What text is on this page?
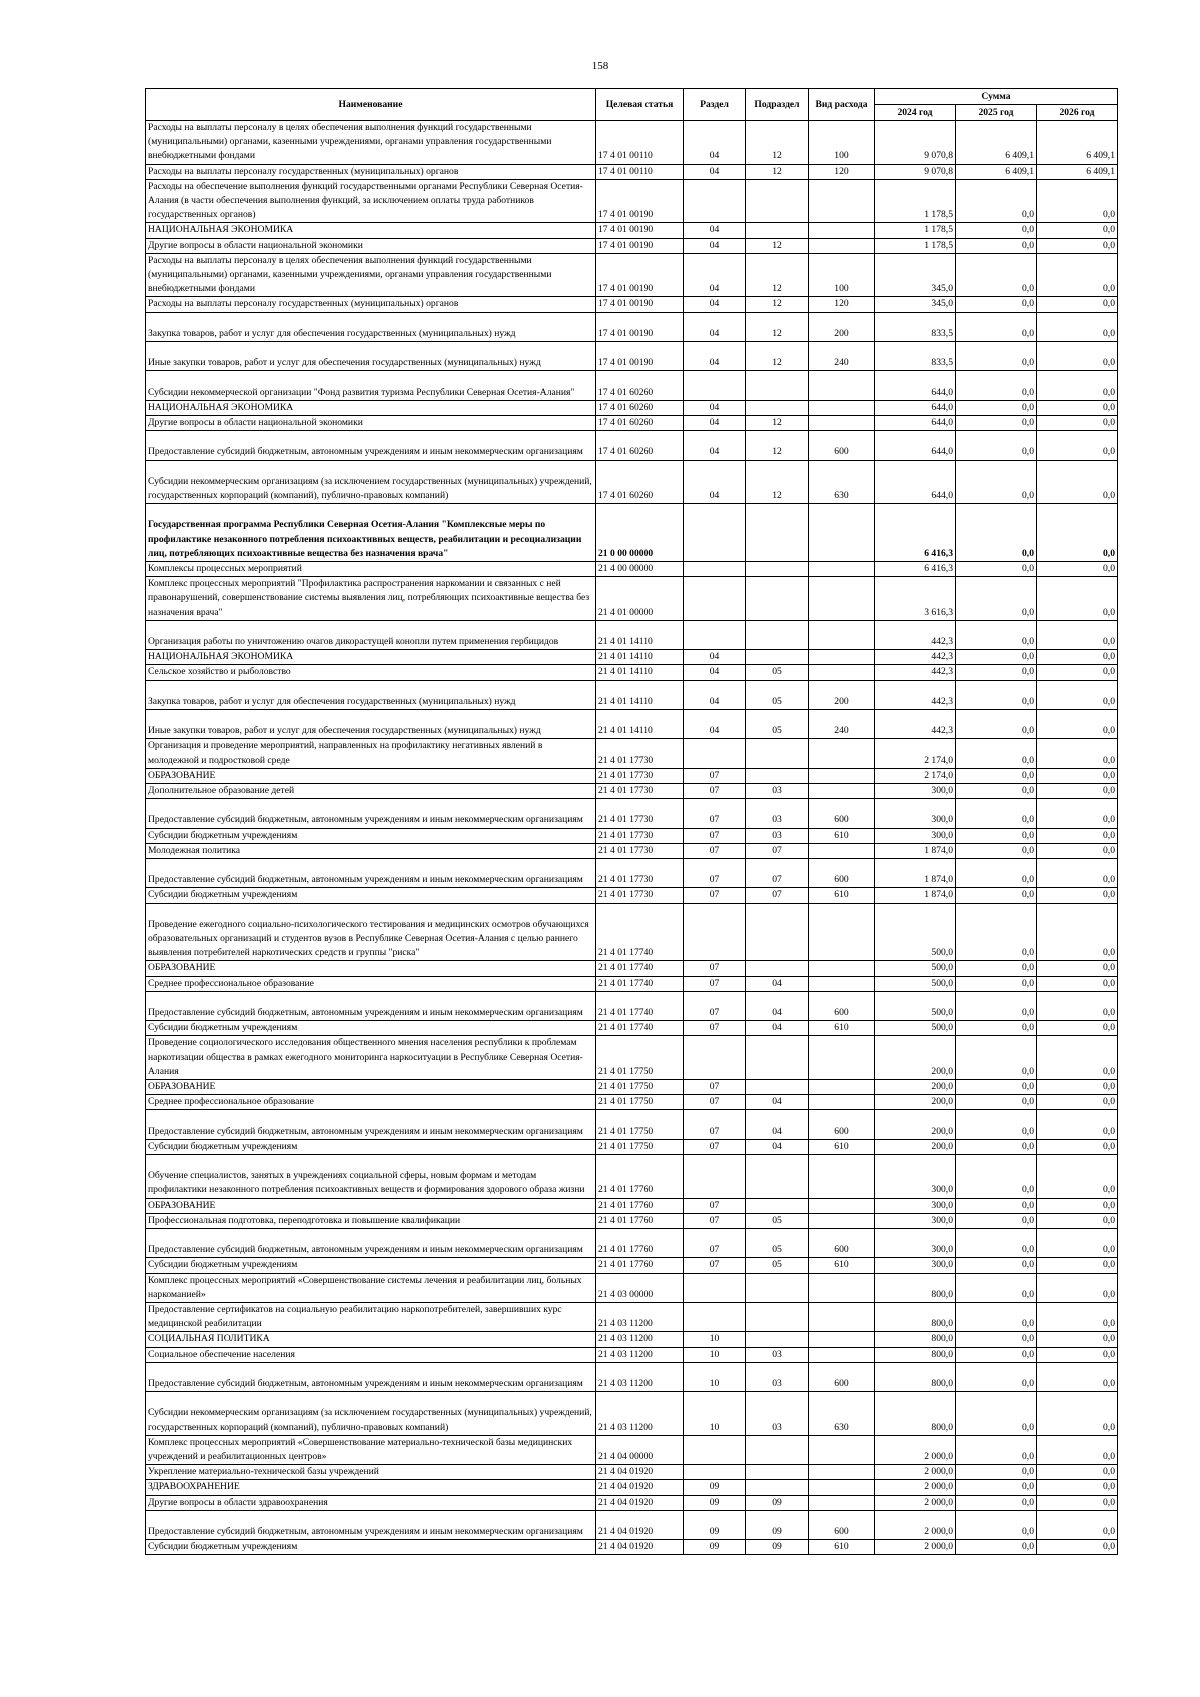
158
Наименование	Целевая статья	Раздел	Подраздел	Вид расхода	Сумма		
					2024 год	2025 год	2026 год
Расходы на выплаты персоналу в целях обеспечения выполнения функций государственными (муниципальными) органами, казенными учреждениями, органами управления государственными внебюджетными фондами	17 4 01 00110	04	12	100	9 070,8	6 409,1	6 409,1
Расходы на выплаты персоналу государственных (муниципальных) органов	17 4 01 00110	04	12	120	9 070,8	6 409,1	6 409,1
Расходы на обеспечение выполнения функций государственными органами Республики Северная Осетия-Алания (в части обеспечения выполнения функций, за исключением оплаты труда работников государственных органов)	17 4 01 00190				1 178,5	0,0	0,0
НАЦИОНАЛЬНАЯ ЭКОНОМИКА	17 4 01 00190	04			1 178,5	0,0	0,0
Другие вопросы в области национальной экономики	17 4 01 00190	04	12		1 178,5	0,0	0,0
Расходы на выплаты персоналу в целях обеспечения выполнения функций государственными (муниципальными) органами, казенными учреждениями, органами управления государственными внебюджетными фондами	17 4 01 00190	04	12	100	345,0	0,0	0,0
Расходы на выплаты персоналу государственных (муниципальных) органов	17 4 01 00190	04	12	120	345,0	0,0	0,0
Закупка товаров, работ и услуг для обеспечения государственных (муниципальных) нужд	17 4 01 00190	04	12	200	833,5	0,0	0,0
Иные закупки товаров, работ и услуг для обеспечения государственных (муниципальных) нужд	17 4 01 00190	04	12	240	833,5	0,0	0,0
Субсидии некоммерческой организации "Фонд развития туризма Республики Северная Осетия-Алания"	17 4 01 60260				644,0	0,0	0,0
НАЦИОНАЛЬНАЯ ЭКОНОМИКА	17 4 01 60260	04			644,0	0,0	0,0
Другие вопросы в области национальной экономики	17 4 01 60260	04	12		644,0	0,0	0,0
Предоставление субсидий бюджетным, автономным учреждениям и иным некоммерческим организациям	17 4 01 60260	04	12	600	644,0	0,0	0,0
Субсидии некоммерческим организациям (за исключением государственных (муниципальных) учреждений, государственных корпораций (компаний), публично-правовых компаний)	17 4 01 60260	04	12	630	644,0	0,0	0,0
Государственная программа Республики Северная Осетия-Алания "Комплексные меры по профилактике незаконного потребления психоактивных веществ, реабилитации и ресоциализации лиц, потребляющих психоактивные вещества без назначения врача"	21 0 00 00000				6 416,3	0,0	0,0
Комплексы процессных мероприятий	21 4 00 00000				6 416,3	0,0	0,0
Комплекс процессных мероприятий "Профилактика распространения наркомании и связанных с ней правонарушений, совершенствование системы выявления лиц, потребляющих психоактивные вещества без назначения врача"	21 4 01 00000				3 616,3	0,0	0,0
Организация работы по уничтожению очагов дикорастущей конопли путем применения гербицидов	21 4 01 14110				442,3	0,0	0,0
НАЦИОНАЛЬНАЯ ЭКОНОМИКА	21 4 01 14110	04			442,3	0,0	0,0
Сельское хозяйство и рыболовство	21 4 01 14110	04	05		442,3	0,0	0,0
Закупка товаров, работ и услуг для обеспечения государственных (муниципальных) нужд	21 4 01 14110	04	05	200	442,3	0,0	0,0
Иные закупки товаров, работ и услуг для обеспечения государственных (муниципальных) нужд	21 4 01 14110	04	05	240	442,3	0,0	0,0
Организация и проведение мероприятий, направленных на профилактику негативных явлений в молодежной и подростковой среде	21 4 01 17730				2 174,0	0,0	0,0
ОБРАЗОВАНИЕ	21 4 01 17730	07			2 174,0	0,0	0,0
Дополнительное образование детей	21 4 01 17730	07	03		300,0	0,0	0,0
Предоставление субсидий бюджетным, автономным учреждениям и иным некоммерческим организациям	21 4 01 17730	07	03	600	300,0	0,0	0,0
Субсидии бюджетным учреждениям	21 4 01 17730	07	03	610	300,0	0,0	0,0
Молодежная политика	21 4 01 17730	07	07		1 874,0	0,0	0,0
Предоставление субсидий бюджетным, автономным учреждениям и иным некоммерческим организациям	21 4 01 17730	07	07	600	1 874,0	0,0	0,0
Субсидии бюджетным учреждениям	21 4 01 17730	07	07	610	1 874,0	0,0	0,0
Проведение ежегодного социально-психологического тестирования и медицинских осмотров обучающихся образовательных организаций и студентов вузов в Республике Северная Осетия-Алания с целью раннего выявления потребителей наркотических средств и группы "риска"	21 4 01 17740				500,0	0,0	0,0
ОБРАЗОВАНИЕ	21 4 01 17740	07			500,0	0,0	0,0
Среднее профессиональное образование	21 4 01 17740	07	04		500,0	0,0	0,0
Предоставление субсидий бюджетным, автономным учреждениям и иным некоммерческим организациям	21 4 01 17740	07	04	600	500,0	0,0	0,0
Субсидии бюджетным учреждениям	21 4 01 17740	07	04	610	500,0	0,0	0,0
Проведение социологического исследования общественного мнения населения республики к проблемам наркотизации общества в рамках ежегодного мониторинга наркоситуации в Республике Северная Осетия-Алания	21 4 01 17750				200,0	0,0	0,0
ОБРАЗОВАНИЕ	21 4 01 17750	07			200,0	0,0	0,0
Среднее профессиональное образование	21 4 01 17750	07	04		200,0	0,0	0,0
Предоставление субсидий бюджетным, автономным учреждениям и иным некоммерческим организациям	21 4 01 17750	07	04	600	200,0	0,0	0,0
Субсидии бюджетным учреждениям	21 4 01 17750	07	04	610	200,0	0,0	0,0
Обучение специалистов, занятых в учреждениях социальной сферы, новым формам и методам профилактики незаконного потребления психоактивных веществ и формирования здорового образа жизни	21 4 01 17760				300,0	0,0	0,0
ОБРАЗОВАНИЕ	21 4 01 17760	07			300,0	0,0	0,0
Профессиональная подготовка, переподготовка и повышение квалификации	21 4 01 17760	07	05		300,0	0,0	0,0
Предоставление субсидий бюджетным, автономным учреждениям и иным некоммерческим организациям	21 4 01 17760	07	05	600	300,0	0,0	0,0
Субсидии бюджетным учреждениям	21 4 01 17760	07	05	610	300,0	0,0	0,0
Комплекс процессных мероприятий «Совершенствование системы лечения и реабилитации лиц, больных наркоманией»	21 4 03 00000				800,0	0,0	0,0
Предоставление сертификатов на социальную реабилитацию наркопотребителей, завершивших курс медицинской реабилитации	21 4 03 11200				800,0	0,0	0,0
СОЦИАЛЬНАЯ ПОЛИТИКА	21 4 03 11200	10			800,0	0,0	0,0
Социальное обеспечение населения	21 4 03 11200	10	03		800,0	0,0	0,0
Предоставление субсидий бюджетным, автономным учреждениям и иным некоммерческим организациям	21 4 03 11200	10	03	600	800,0	0,0	0,0
Субсидии некоммерческим организациям (за исключением государственных (муниципальных) учреждений, государственных корпораций (компаний), публично-правовых компаний)	21 4 03 11200	10	03	630	800,0	0,0	0,0
Комплекс процессных мероприятий «Совершенствование материально-технической базы медицинских учреждений и реабилитационных центров»	21 4 04 00000				2 000,0	0,0	0,0
Укрепление материально-технической базы учреждений	21 4 04 01920				2 000,0	0,0	0,0
ЗДРАВООХРАНЕНИЕ	21 4 04 01920	09			2 000,0	0,0	0,0
Другие вопросы в области здравоохранения	21 4 04 01920	09	09		2 000,0	0,0	0,0
Предоставление субсидий бюджетным, автономным учреждениям и иным некоммерческим организациям	21 4 04 01920	09	09	600	2 000,0	0,0	0,0
Субсидии бюджетным учреждениям	21 4 04 01920	09	09	610	2 000,0	0,0	0,0
